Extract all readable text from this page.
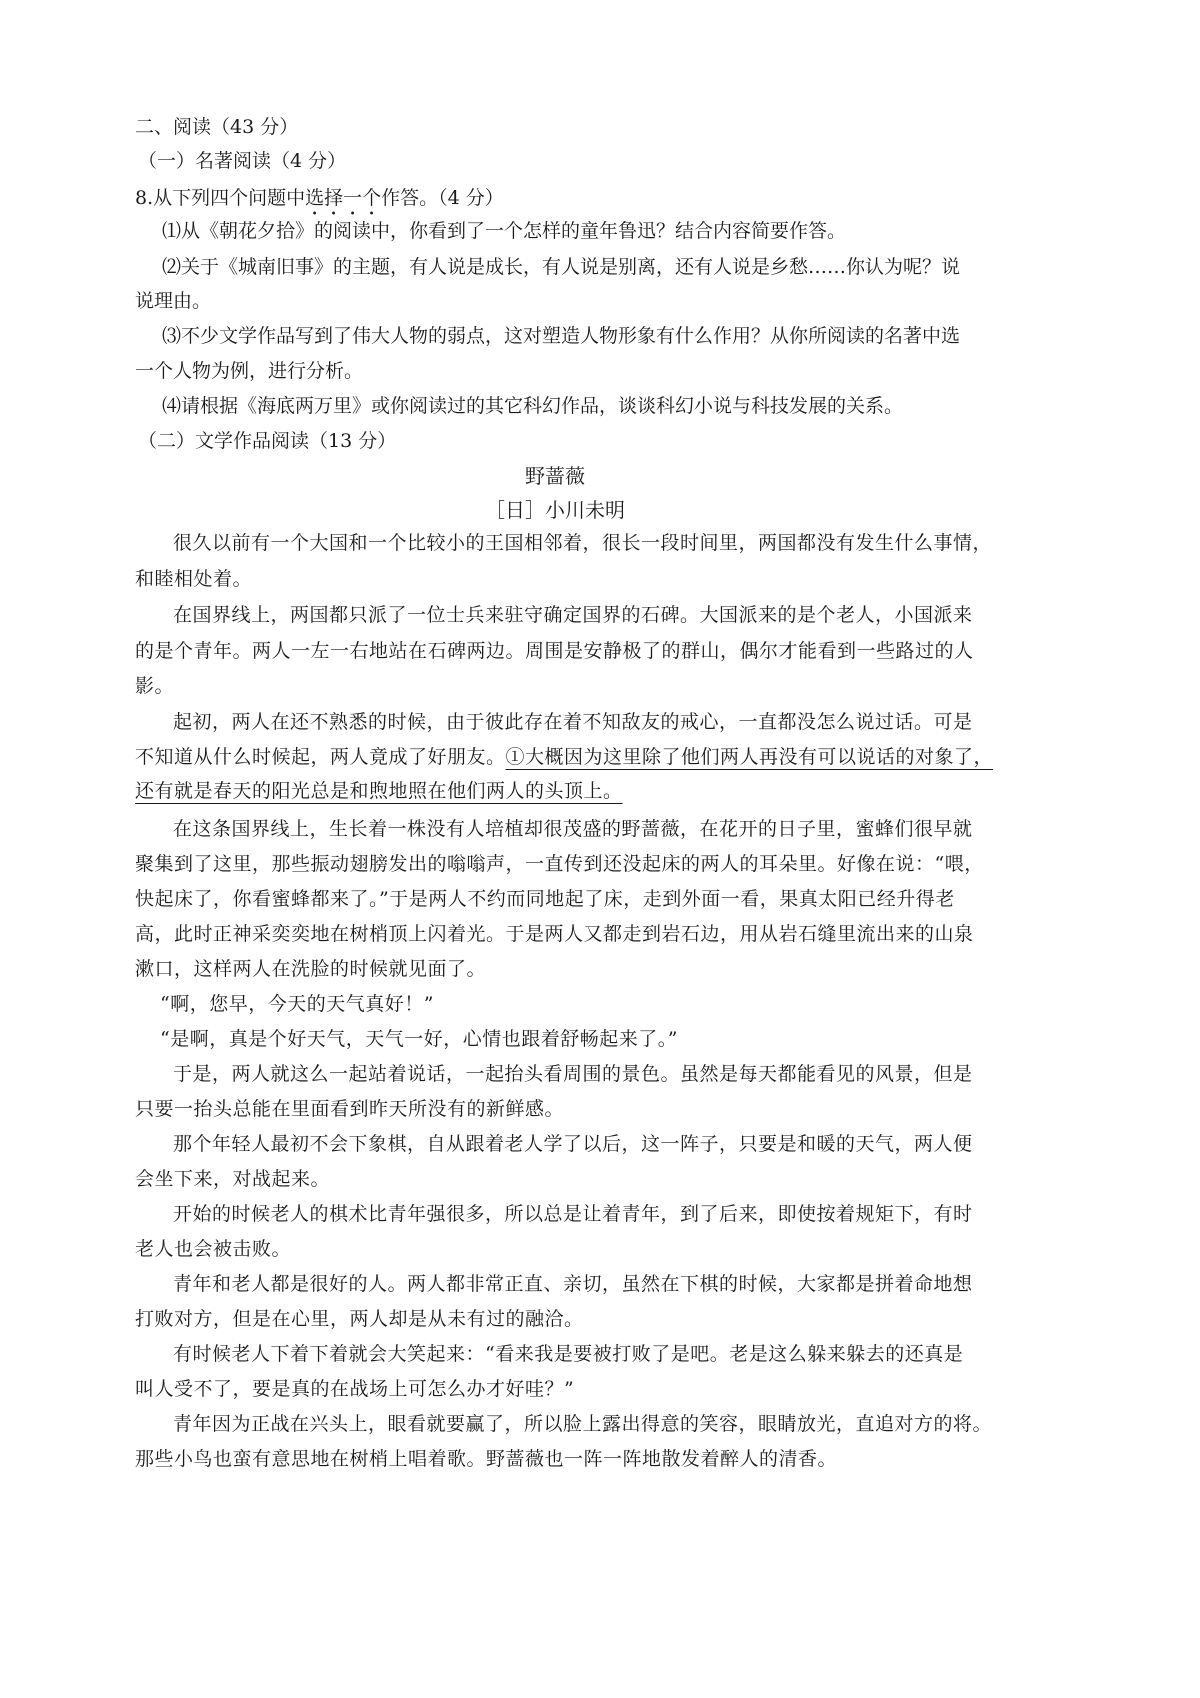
二、阅读（43 分）
（一）名著阅读（4 分）
8.从下列四个问题中选择一个作答。（4 分）
⑴从《朝花夕拾》的阅读中，你看到了一个怎样的童年鲁迅？结合内容简要作答。
⑵关于《城南旧事》的主题，有人说是成长，有人说是别离，还有人说是乡愁……你认为呢？说
说理由。
⑶不少文学作品写到了伟大人物的弱点，这对塑造人物形象有什么作用？从你所阅读的名著中选
一个人物为例，进行分析。
⑷请根据《海底两万里》或你阅读过的其它科幻作品，谈谈科幻小说与科技发展的关系。
（二）文学作品阅读（13 分）
野蔷薇
［日］小川未明
很久以前有一个大国和一个比较小的王国相邻着，很长一段时间里，两国都没有发生什么事情，
和睦相处着。
在国界线上，两国都只派了一位士兵来驻守确定国界的石碑。大国派来的是个老人，小国派来
的是个青年。两人一左一右地站在石碑两边。周围是安静极了的群山，偶尔才能看到一些路过的人
影。
起初，两人在还不熟悉的时候，由于彼此存在着不知敌友的戒心，一直都没怎么说过话。可是
不知道从什么时候起，两人竟成了好朋友。①大概因为这里除了他们两人再没有可以说话的对象了，
还有就是春天的阳光总是和煦地照在他们两人的头顶上。
在这条国界线上，生长着一株没有人培植却很茂盛的野蔷薇，在花开的日子里，蜜蜂们很早就
聚集到了这里，那些振动翅膀发出的嗡嗡声，一直传到还没起床的两人的耳朵里。好像在说：“喂，
快起床了，你看蜜蜂都来了。”于是两人不约而同地起了床，走到外面一看，果真太阳已经升得老
高，此时正神采奕奕地在树梢顶上闪着光。于是两人又都走到岩石边，用从岩石缝里流出来的山泉
漱口，这样两人在洗脸的时候就见面了。
“啊，您早，今天的天气真好！”
“是啊，真是个好天气，天气一好，心情也跟着舒畅起来了。”
于是，两人就这么一起站着说话，一起抬头看周围的景色。虽然是每天都能看见的风景，但是
只要一抬头总能在里面看到昨天所没有的新鲜感。
那个年轻人最初不会下象棋，自从跟着老人学了以后，这一阵子，只要是和暖的天气，两人便
会坐下来，对战起来。
开始的时候老人的棋术比青年强很多，所以总是让着青年，到了后来，即使按着规矩下，有时
老人也会被击败。
青年和老人都是很好的人。两人都非常正直、亲切，虽然在下棋的时候，大家都是拼着命地想
打败对方，但是在心里，两人却是从未有过的融洽。
有时候老人下着下着就会大笑起来：“看来我是要被打败了是吧。老是这么躲来躲去的还真是
叫人受不了，要是真的在战场上可怎么办才好哇？”
青年因为正战在兴头上，眼看就要赢了，所以脸上露出得意的笑容，眼睛放光，直追对方的将。
那些小鸟也蛮有意思地在树梢上唱着歌。野蔷薇也一阵一阵地散发着醉人的清香。
